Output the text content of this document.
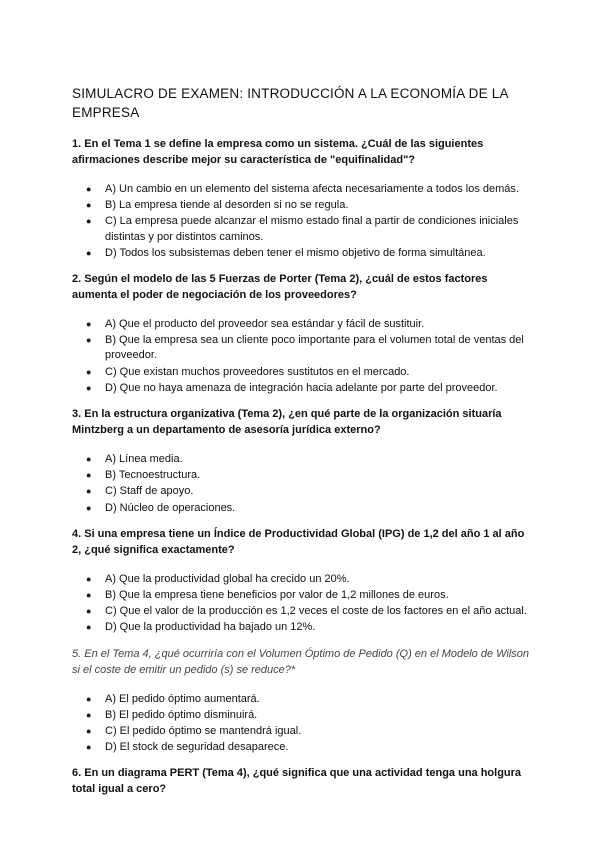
SIMULACRO DE EXAMEN: INTRODUCCIÓN A LA ECONOMÍA DE LA EMPRESA

1. En el Tema 1 se define la empresa como un sistema. ¿Cuál de las siguientes afirmaciones describe mejor su característica de "equifinalidad"?

● A) Un cambio en un elemento del sistema afecta necesariamente a todos los demás.
● B) La empresa tiende al desorden si no se regula.
● C) La empresa puede alcanzar el mismo estado final a partir de condiciones iniciales distintas y por distintos caminos.
● D) Todos los subsistemas deben tener el mismo objetivo de forma simultánea.

2. Según el modelo de las 5 Fuerzas de Porter (Tema 2), ¿cuál de estos factores aumenta el poder de negociación de los proveedores?

● A) Que el producto del proveedor sea estándar y fácil de sustituir.
● B) Que la empresa sea un cliente poco importante para el volumen total de ventas del proveedor.
● C) Que existan muchos proveedores sustitutos en el mercado.
● D) Que no haya amenaza de integración hacia adelante por parte del proveedor.

3. En la estructura organizativa (Tema 2), ¿en qué parte de la organización situaría Mintzberg a un departamento de asesoría jurídica externo?

● A) Línea media.
● B) Tecnoestructura.
● C) Staff de apoyo.
● D) Núcleo de operaciones.

4. Si una empresa tiene un Índice de Productividad Global (IPG) de 1,2 del año 1 al año 2, ¿qué significa exactamente?

● A) Que la productividad global ha crecido un 20%.
● B) Que la empresa tiene beneficios por valor de 1,2 millones de euros.
● C) Que el valor de la producción es 1,2 veces el coste de los factores en el año actual.
● D) Que la productividad ha bajado un 12%.

5. En el Tema 4, ¿qué ocurriría con el Volumen Óptimo de Pedido (Q) en el Modelo de Wilson si el coste de emitir un pedido (s) se reduce?*

● A) El pedido óptimo aumentará.
● B) El pedido óptimo disminuirá.
● C) El pedido óptimo se mantendrá igual.
● D) El stock de seguridad desaparece.

6. En un diagrama PERT (Tema 4), ¿qué significa que una actividad tenga una holgura total igual a cero?
